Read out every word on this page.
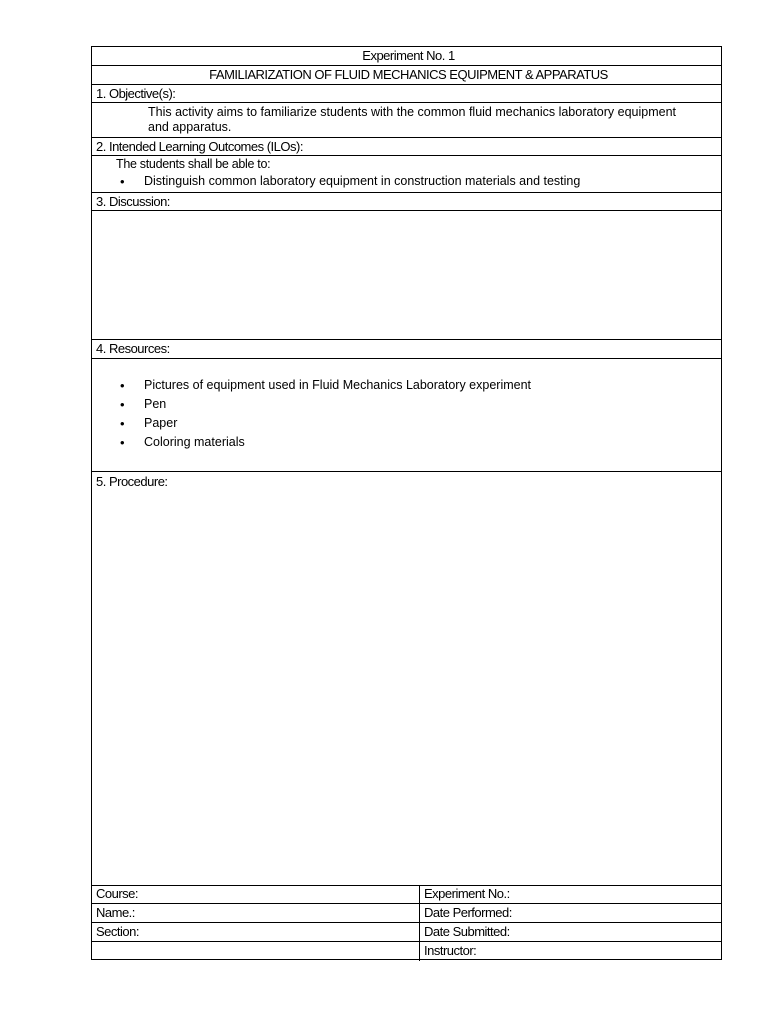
Experiment No. 1
FAMILIARIZATION OF FLUID MECHANICS EQUIPMENT & APPARATUS
1. Objective(s):
This activity aims to familiarize students with the common fluid mechanics laboratory equipment
and apparatus.
2. Intended Learning Outcomes (ILOs):
The students shall be able to:
• Distinguish common laboratory equipment in construction materials and testing
3. Discussion:
4. Resources:
• Pictures of equipment used in Fluid Mechanics Laboratory experiment
• Pen
• Paper
• Coloring materials
5. Procedure:
Course:
Name.:
Section:
Experiment No.:
Date Performed:
Date Submitted:
Instructor:
